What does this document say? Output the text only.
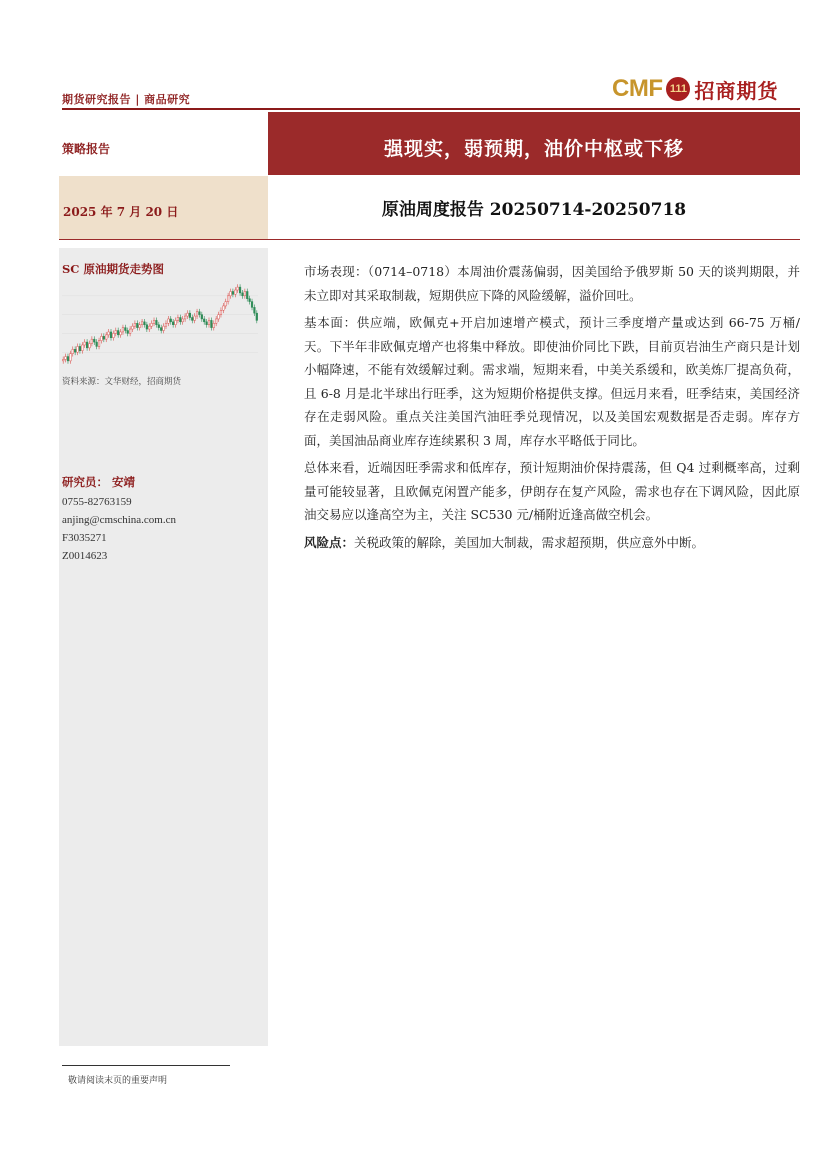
期货研究报告 | 商品研究	CMF 111 招商期货
策略报告	强现实，弱预期，油价中枢或下移
2025 年 7 月 20 日	原油周度报告 20250714-20250718
SC 原油期货走势图
资料来源：文华财经，招商期货
研究员： 安靖
0755-82763159
anjing@cmschina.com.cn
F3035271
Z0014623

市场表现：（0714–0718）本周油价震荡偏弱，因美国给予俄罗斯 50 天的谈判期限，并未立即对其采取制裁，短期供应下降的风险缓解，溢价回吐。

基本面：供应端，欧佩克+开启加速增产模式，预计三季度增产量或达到 66-75 万桶/天。下半年非欧佩克增产也将集中释放。即使油价同比下跌，目前页岩油生产商只是计划小幅降速，不能有效缓解过剩。需求端，短期来看，中美关系缓和，欧美炼厂提高负荷，且 6-8 月是北半球出行旺季，这为短期价格提供支撑。但远月来看，旺季结束，美国经济存在走弱风险。重点关注美国汽油旺季兑现情况，以及美国宏观数据是否走弱。库存方面，美国油品商业库存连续累积 3 周，库存水平略低于同比。

总体来看，近端因旺季需求和低库存，预计短期油价保持震荡，但 Q4 过剩概率高，过剩量可能较显著，且欧佩克闲置产能多，伊朗存在复产风险，需求也存在下调风险，因此原油交易应以逢高空为主，关注 SC530 元/桶附近逢高做空机会。

风险点：关税政策的解除，美国加大制裁，需求超预期，供应意外中断。

敬请阅读末页的重要声明
